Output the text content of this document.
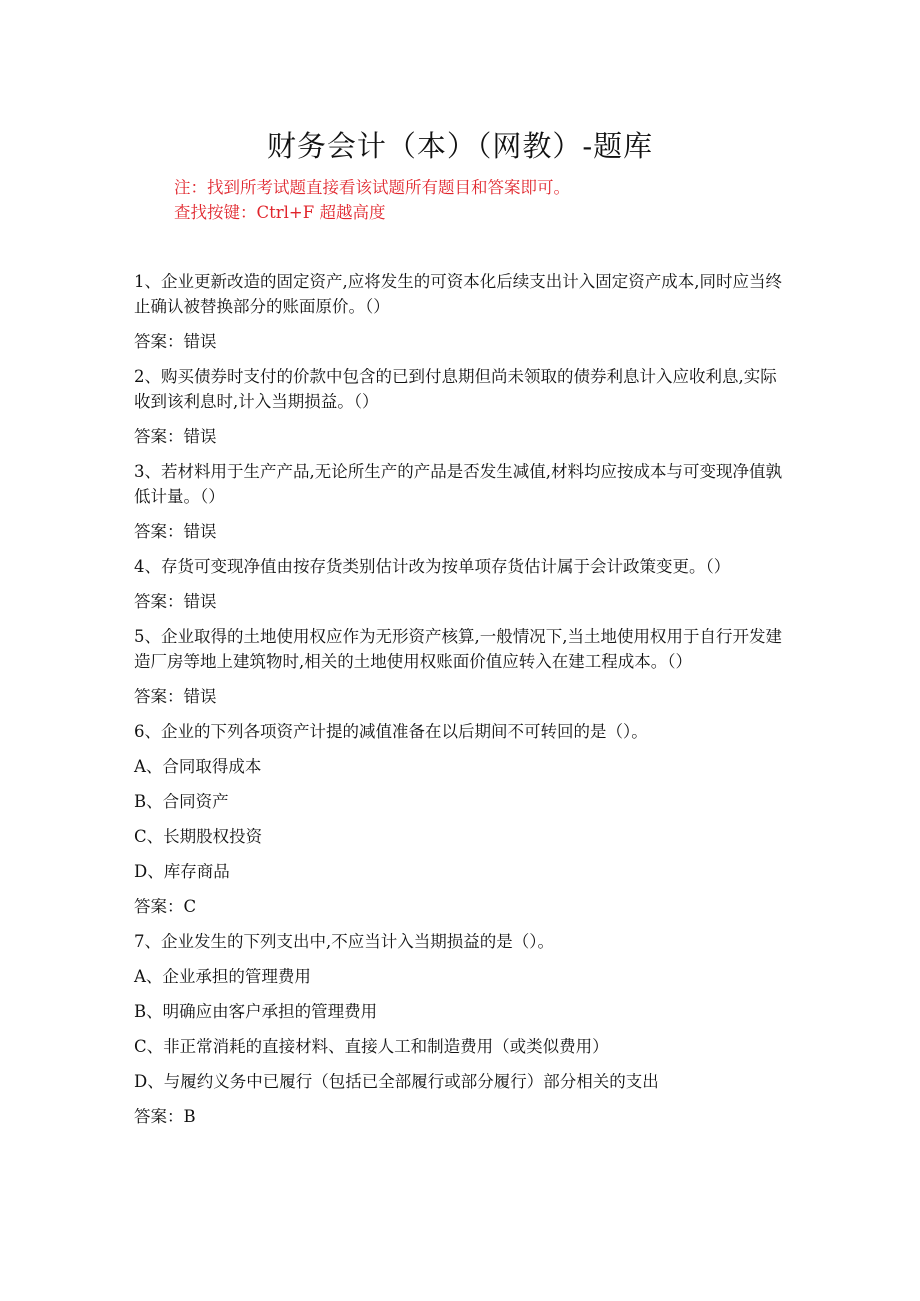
财务会计（本）（网教）-题库
注：找到所考试题直接看该试题所有题目和答案即可。
查找按键：Ctrl+F 超越高度
1、企业更新改造的固定资产,应将发生的可资本化后续支出计入固定资产成本,同时应当终止确认被替换部分的账面原价。（）
答案：错误
2、购买债券时支付的价款中包含的已到付息期但尚未领取的债券利息计入应收利息,实际收到该利息时,计入当期损益。（）
答案：错误
3、若材料用于生产产品,无论所生产的产品是否发生减值,材料均应按成本与可变现净值孰低计量。（）
答案：错误
4、存货可变现净值由按存货类别估计改为按单项存货估计属于会计政策变更。（）
答案：错误
5、企业取得的土地使用权应作为无形资产核算,一般情况下,当土地使用权用于自行开发建造厂房等地上建筑物时,相关的土地使用权账面价值应转入在建工程成本。（）
答案：错误
6、企业的下列各项资产计提的减值准备在以后期间不可转回的是（）。
A、合同取得成本
B、合同资产
C、长期股权投资
D、库存商品
答案：C
7、企业发生的下列支出中,不应当计入当期损益的是（）。
A、企业承担的管理费用
B、明确应由客户承担的管理费用
C、非正常消耗的直接材料、直接人工和制造费用（或类似费用）
D、与履约义务中已履行（包括已全部履行或部分履行）部分相关的支出
答案：B
